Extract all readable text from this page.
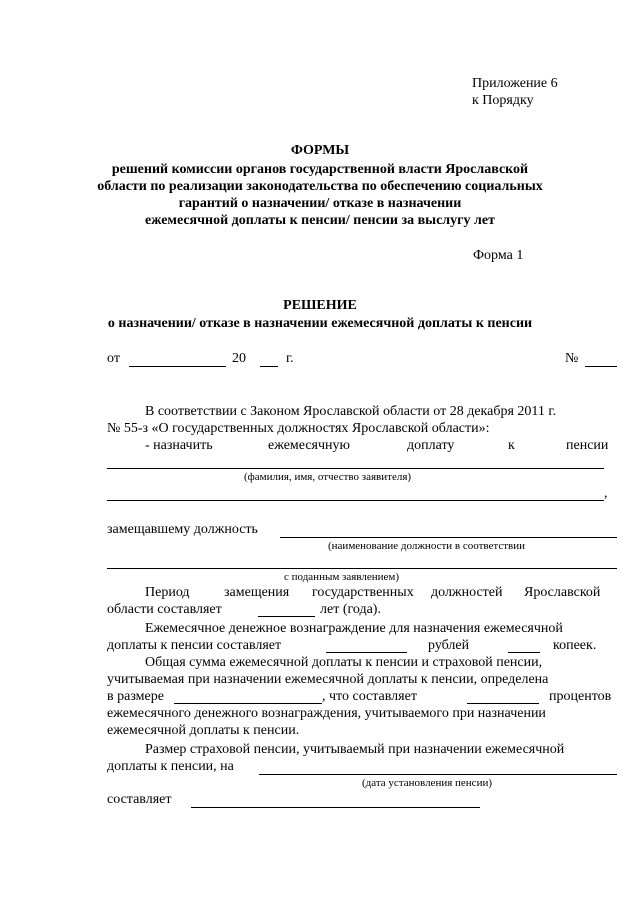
Приложение 6
к Порядку
ФОРМЫ
решений комиссии органов государственной власти Ярославской
области по реализации законодательства по обеспечению социальных
гарантий о назначении/ отказе в назначении
ежемесячной доплаты к пенсии/ пенсии за выслугу лет
Форма 1
РЕШЕНИЕ
о назначении/ отказе в назначении ежемесячной доплаты к пенсии
от	20	г.	№
В соответствии с Законом Ярославской области от 28 декабря 2011 г.
№ 55-з «О государственных должностях Ярославской области»:
- назначить	ежемесячную	доплату	к	пенсии
(фамилия, имя, отчество заявителя)
,
замещавшему должность
(наименование должности в соответствии
с поданным заявлением)
Период замещения государственных должностей Ярославской
области составляет	лет (года).
Ежемесячное денежное вознаграждение для назначения ежемесячной
доплаты к пенсии составляет	рублей	копеек.
Общая сумма ежемесячной доплаты к пенсии и страховой пенсии,
учитываемая при назначении ежемесячной доплаты к пенсии, определена
в размере	, что составляет	процентов
ежемесячного денежного вознаграждения, учитываемого при назначении
ежемесячной доплаты к пенсии.
Размер страховой пенсии, учитываемый при назначении ежемесячной
доплаты к пенсии, на
(дата установления пенсии)
составляет
